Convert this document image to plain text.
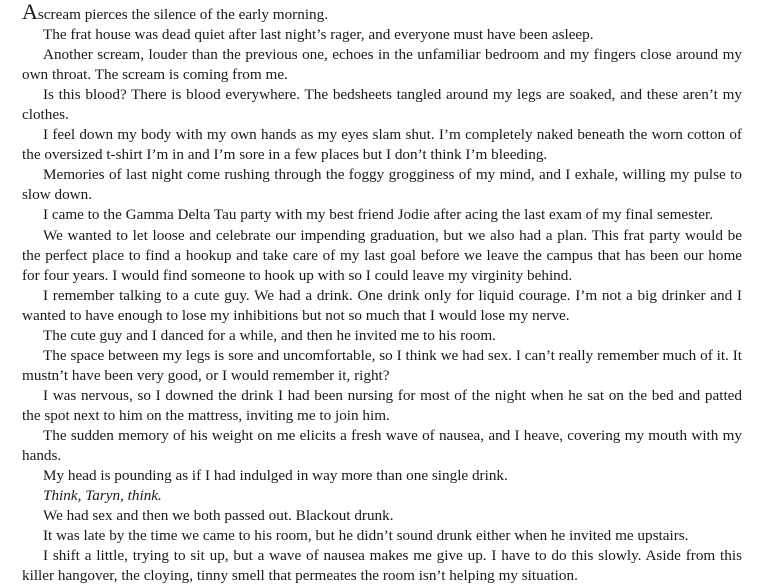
Ascream pierces the silence of the early morning.

The frat house was dead quiet after last night’s rager, and everyone must have been asleep.

Another scream, louder than the previous one, echoes in the unfamiliar bedroom and my fingers close around my own throat. The scream is coming from me.

Is this blood? There is blood everywhere. The bedsheets tangled around my legs are soaked, and these aren’t my clothes.

I feel down my body with my own hands as my eyes slam shut. I’m completely naked beneath the worn cotton of the oversized t-shirt I’m in and I’m sore in a few places but I don’t think I’m bleeding.

Memories of last night come rushing through the foggy grogginess of my mind, and I exhale, willing my pulse to slow down.

I came to the Gamma Delta Tau party with my best friend Jodie after acing the last exam of my final semester.

We wanted to let loose and celebrate our impending graduation, but we also had a plan. This frat party would be the perfect place to find a hookup and take care of my last goal before we leave the campus that has been our home for four years. I would find someone to hook up with so I could leave my virginity behind.

I remember talking to a cute guy. We had a drink. One drink only for liquid courage. I’m not a big drinker and I wanted to have enough to lose my inhibitions but not so much that I would lose my nerve.

The cute guy and I danced for a while, and then he invited me to his room.

The space between my legs is sore and uncomfortable, so I think we had sex. I can’t really remember much of it. It mustn’t have been very good, or I would remember it, right?

I was nervous, so I downed the drink I had been nursing for most of the night when he sat on the bed and patted the spot next to him on the mattress, inviting me to join him.

The sudden memory of his weight on me elicits a fresh wave of nausea, and I heave, covering my mouth with my hands.

My head is pounding as if I had indulged in way more than one single drink.

Think, Taryn, think.

We had sex and then we both passed out. Blackout drunk.

It was late by the time we came to his room, but he didn’t sound drunk either when he invited me upstairs.

I shift a little, trying to sit up, but a wave of nausea makes me give up. I have to do this slowly. Aside from this killer hangover, the cloying, tinny smell that permeates the room isn’t helping my situation.
